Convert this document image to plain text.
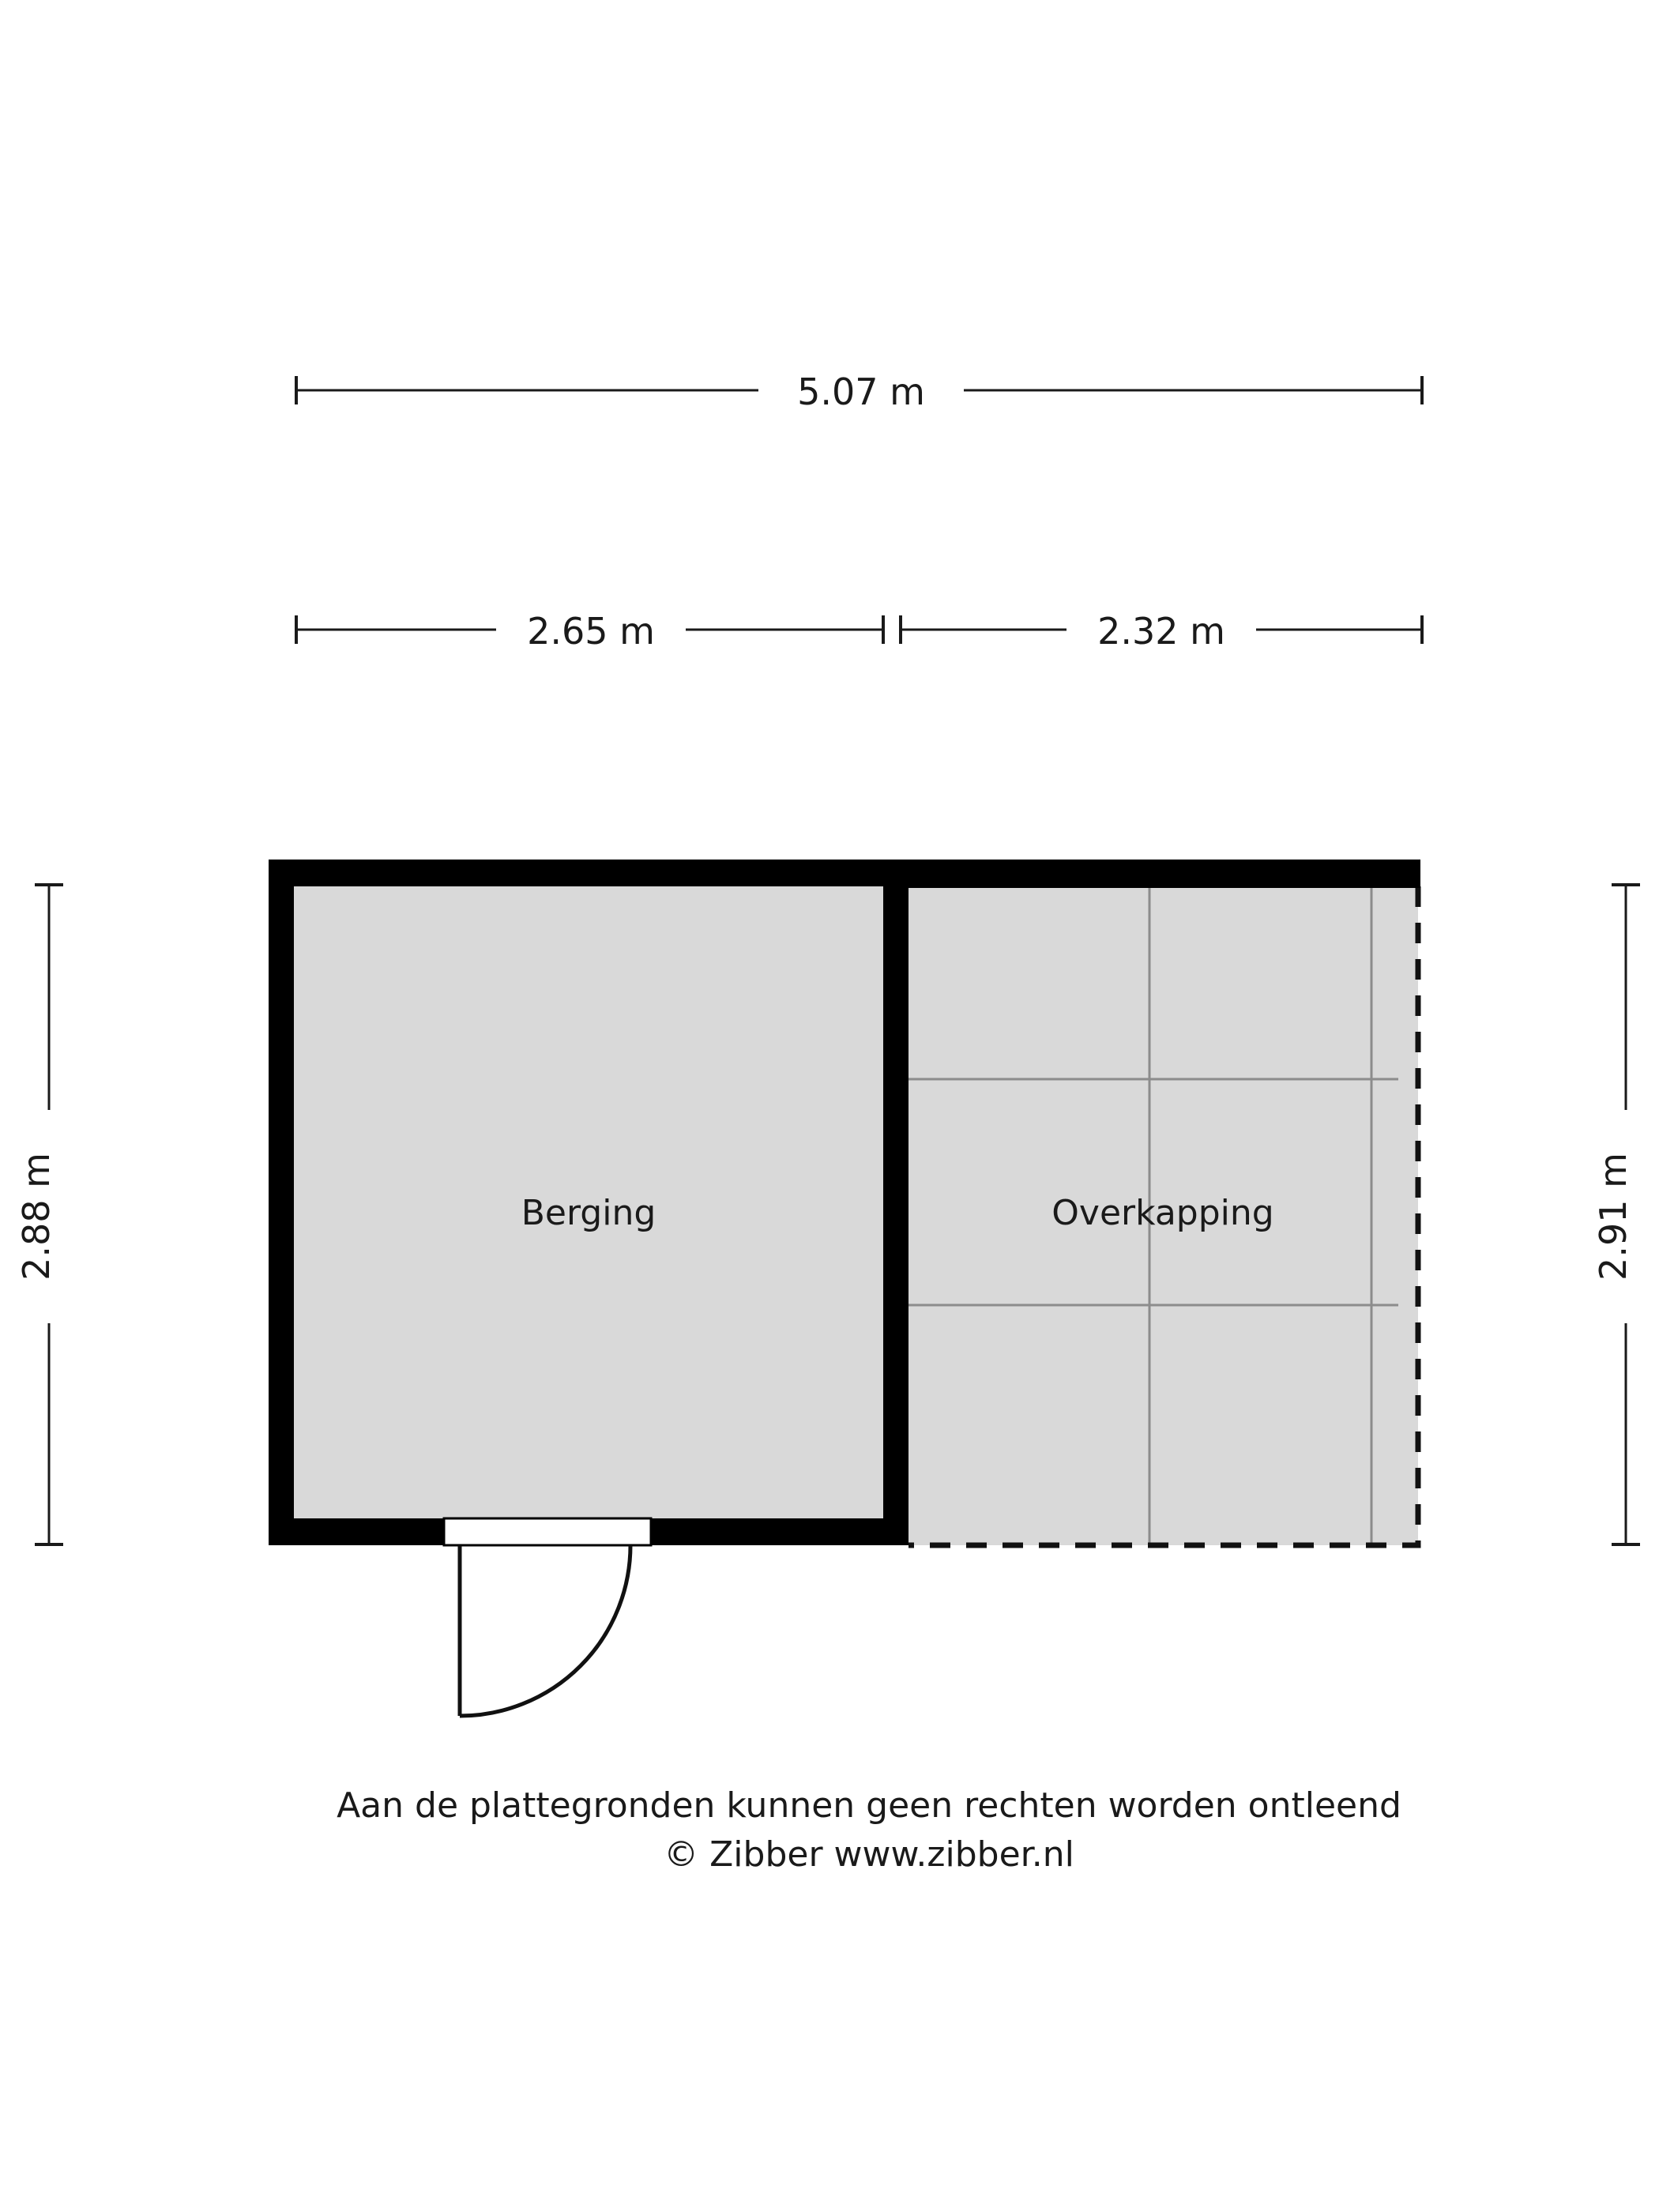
5.07 m
2.65 m	2.32 m
2.88 m	2.91 m
Overkapping
Berging
Aan de plattegronden kunnen geen rechten worden ontleend
© Zibber www.zibber.nl
